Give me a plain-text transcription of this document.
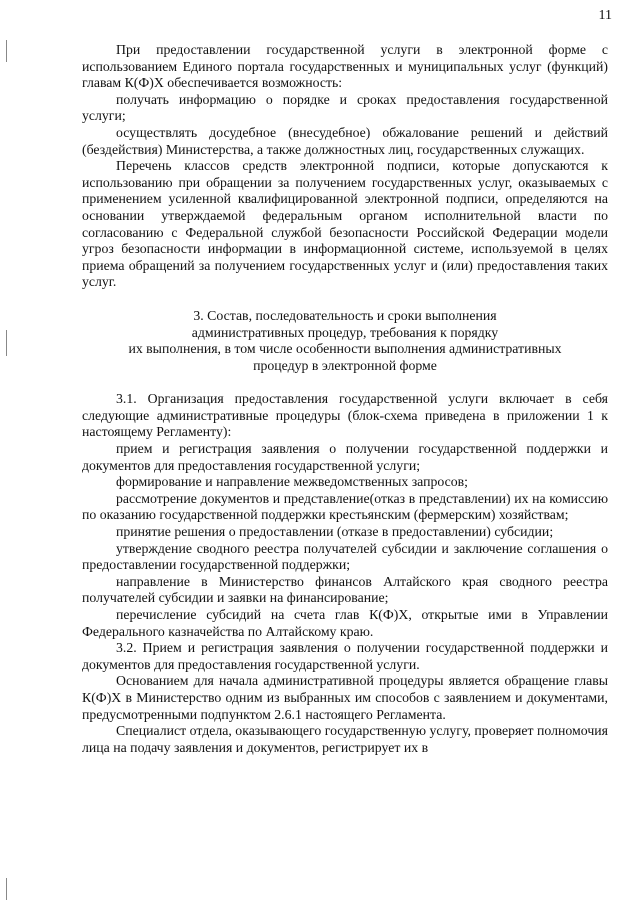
11

При предоставлении государственной услуги в электронной форме с использованием Единого портала государственных и муниципальных услуг (функций) главам К(Ф)Х обеспечивается возможность:

получать информацию о порядке и сроках предоставления государственной услуги;

осуществлять досудебное (внесудебное) обжалование решений и действий (бездействия) Министерства, а также должностных лиц, государственных служащих.

Перечень классов средств электронной подписи, которые допускаются к использованию при обращении за получением государственных услуг, оказываемых с применением усиленной квалифицированной электронной подписи, определяются на основании утверждаемой федеральным органом исполнительной власти по согласованию с Федеральной службой безопасности Российской Федерации модели угроз безопасности информации в информационной системе, используемой в целях приема обращений за получением государственных услуг и (или) предоставления таких услуг.

3. Состав, последовательность и сроки выполнения
административных процедур, требования к порядку
их выполнения, в том числе особенности выполнения административных
процедур в электронной форме

3.1. Организация предоставления государственной услуги включает в себя следующие административные процедуры (блок-схема приведена в приложении 1 к настоящему Регламенту):

прием и регистрация заявления о получении государственной поддержки и документов для предоставления государственной услуги;

формирование и направление межведомственных запросов;

рассмотрение документов и представление(отказ в представлении) их на комиссию по оказанию государственной поддержки крестьянским (фермерским) хозяйствам;

принятие решения о предоставлении (отказе в предоставлении) субсидии;

утверждение сводного реестра получателей субсидии и заключение соглашения о предоставлении государственной поддержки;

направление в Министерство финансов Алтайского края сводного реестра получателей субсидии и заявки на финансирование;

перечисление субсидий на счета глав К(Ф)Х, открытые ими в Управлении Федерального казначейства по Алтайскому краю.

3.2. Прием и регистрация заявления о получении государственной поддержки и документов для предоставления государственной услуги.

Основанием для начала административной процедуры является обращение главы К(Ф)Х в Министерство одним из выбранных им способов с заявлением и документами, предусмотренными подпунктом 2.6.1 настоящего Регламента.

Специалист отдела, оказывающего государственную услугу, проверяет полномочия лица на подачу заявления и документов, регистрирует их в
